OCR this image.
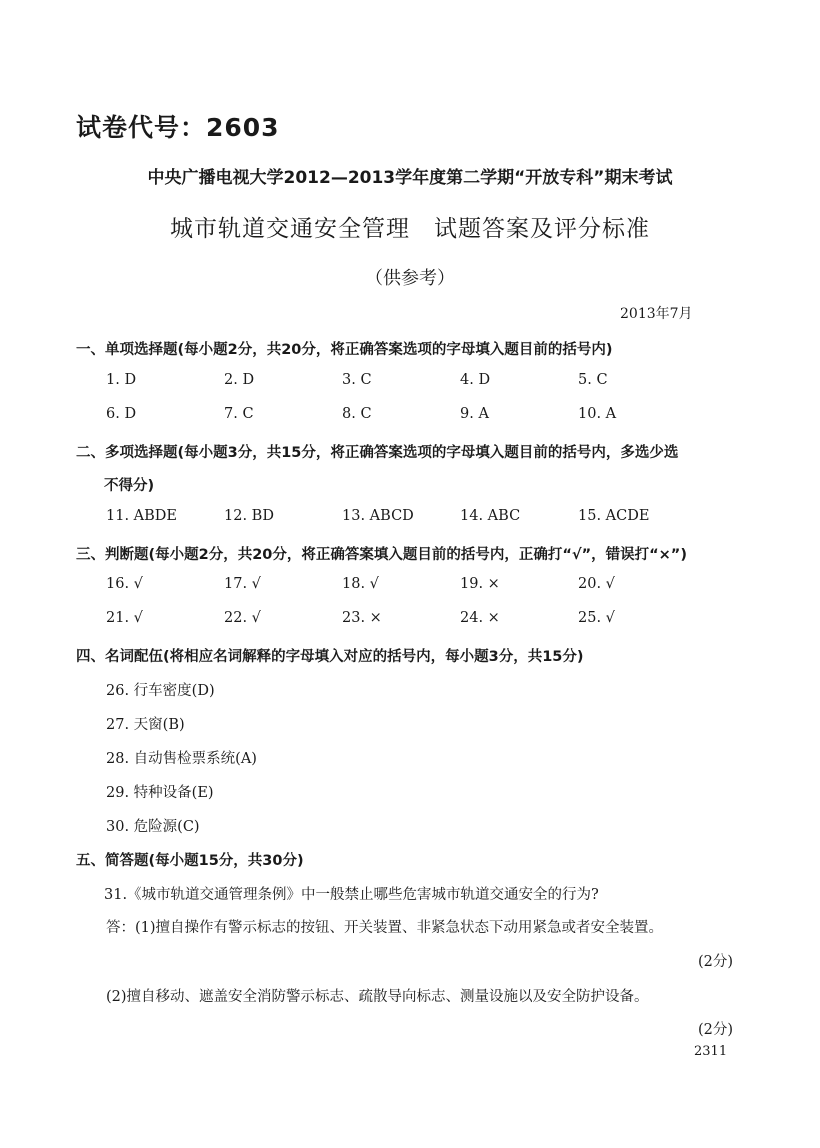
试卷代号：2603
中央广播电视大学2012—2013学年度第二学期“开放专科”期末考试
城市轨道交通安全管理　试题答案及评分标准
（供参考）
2013年7月
一、单项选择题(每小题2分，共20分，将正确答案选项的字母填入题目前的括号内)
1. D	2. D	3. C	4. D	5. C
6. D	7. C	8. C	9. A	10. A
二、多项选择题(每小题3分，共15分，将正确答案选项的字母填入题目前的括号内，多选少选
不得分)
11. ABDE	12. BD	13. ABCD	14. ABC	15. ACDE
三、判断题(每小题2分，共20分，将正确答案填入题目前的括号内，正确打“√”，错误打“×”)
16. √	17. √	18. √	19. ×	20. √
21. √	22. √	23. ×	24. ×	25. √
四、名词配伍(将相应名词解释的字母填入对应的括号内，每小题3分，共15分)
26. 行车密度(D)
27. 天窗(B)
28. 自动售检票系统(A)
29. 特种设备(E)
30. 危险源(C)
五、简答题(每小题15分，共30分)
31.《城市轨道交通管理条例》中一般禁止哪些危害城市轨道交通安全的行为?
答：(1)擅自操作有警示标志的按钮、开关装置、非紧急状态下动用紧急或者安全装置。
(2分)
(2)擅自移动、遮盖安全消防警示标志、疏散导向标志、测量设施以及安全防护设备。
(2分)
2311
